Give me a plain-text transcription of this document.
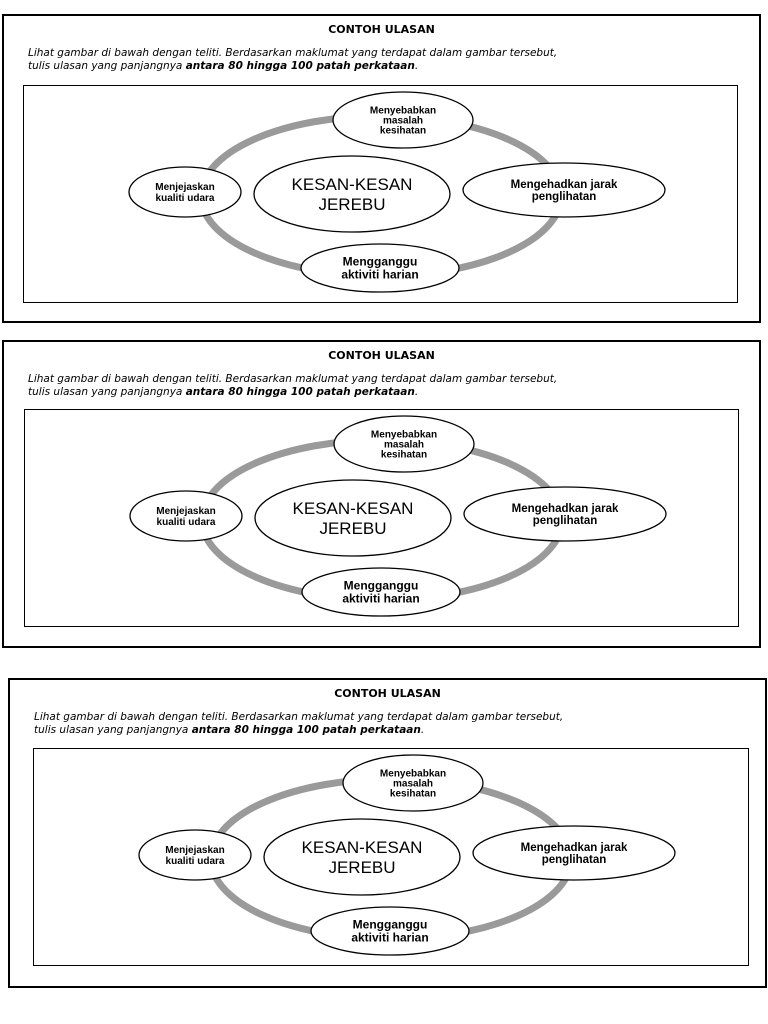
CONTOH ULASAN
Lihat gambar di bawah dengan teliti. Berdasarkan maklumat yang terdapat dalam gambar tersebut,
tulis ulasan yang panjangnya antara 80 hingga 100 patah perkataan.
Menyebabkan
masalah
kesihatan
Menjejaskan
kualiti udara
Mengehadkan jarak
penglihatan
Mengganggu
aktiviti harian
KESAN-KESAN
JEREBU
CONTOH ULASAN
Lihat gambar di bawah dengan teliti. Berdasarkan maklumat yang terdapat dalam gambar tersebut,
tulis ulasan yang panjangnya antara 80 hingga 100 patah perkataan.
Menyebabkan
masalah
kesihatan
Menjejaskan
kualiti udara
Mengehadkan jarak
penglihatan
Mengganggu
aktiviti harian
KESAN-KESAN
JEREBU
CONTOH ULASAN
Lihat gambar di bawah dengan teliti. Berdasarkan maklumat yang terdapat dalam gambar tersebut,
tulis ulasan yang panjangnya antara 80 hingga 100 patah perkataan.
Menyebabkan
masalah
kesihatan
Menjejaskan
kualiti udara
Mengehadkan jarak
penglihatan
Mengganggu
aktiviti harian
KESAN-KESAN
JEREBU
